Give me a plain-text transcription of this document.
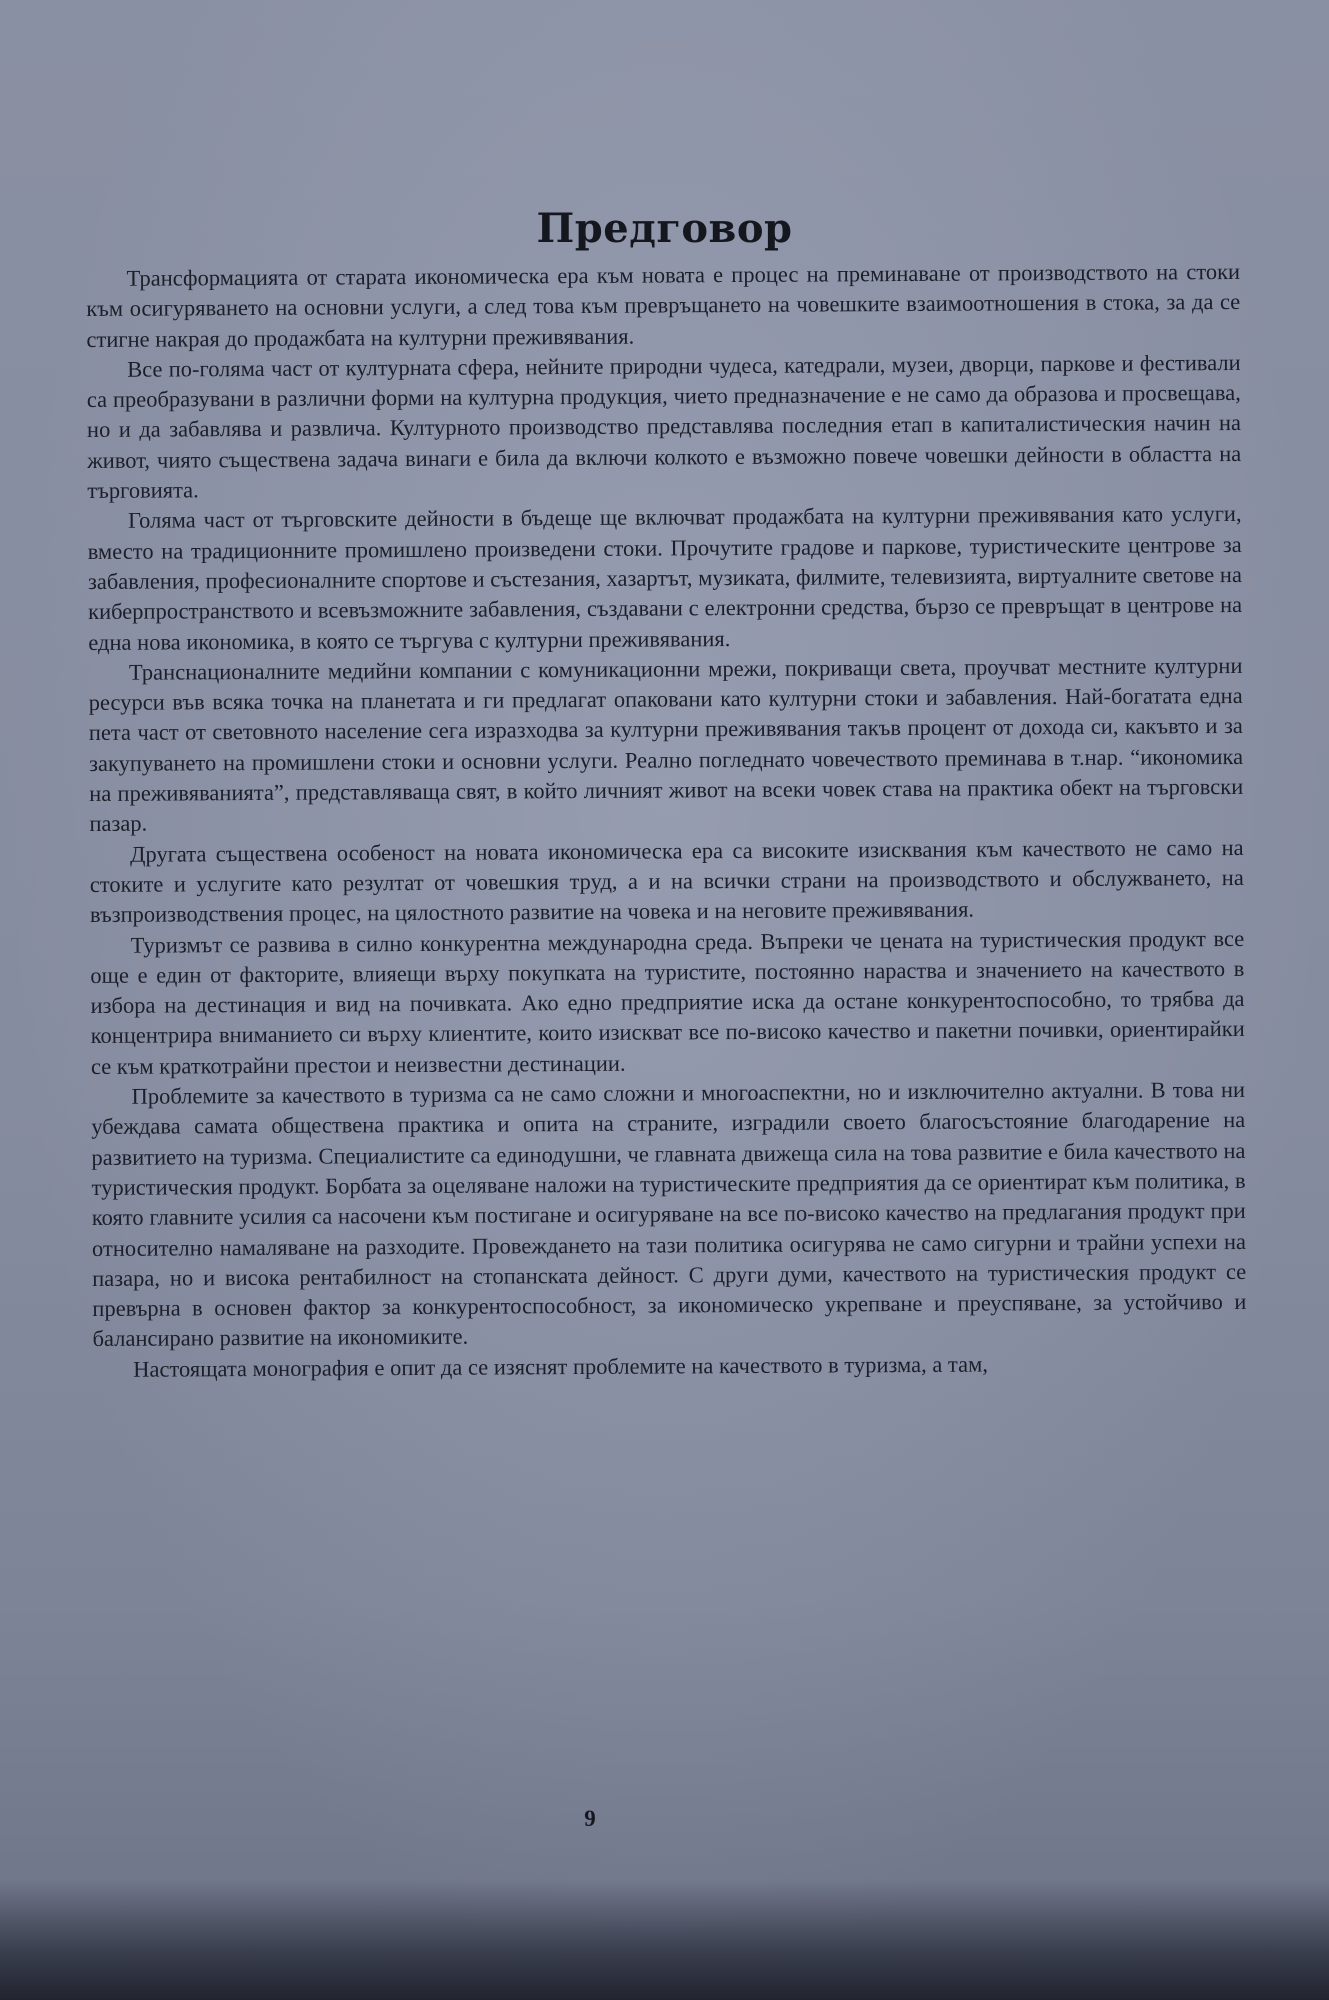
Предговор

Трансформацията от старата икономическа ера към новата е процес на преминаване от производството на стоки към осигуряването на основни услуги, а след това към превръщането на човешките взаимоотношения в стока, за да се стигне накрая до продажбата на културни преживявания.

Все по-голяма част от културната сфера, нейните природни чудеса, катедрали, музеи, дворци, паркове и фестивали са преобразувани в различни форми на културна продукция, чието предназначение е не само да образова и просвещава, но и да забавлява и развлича. Културното производство представлява последния етап в капиталистическия начин на живот, чиято съществена задача винаги е била да включи колкото е възможно повече човешки дейности в областта на търговията.

Голяма част от търговските дейности в бъдеще ще включват продажбата на културни преживявания като услуги, вместо на традиционните промишлено произведени стоки. Прочутите градове и паркове, туристическите центрове за забавления, професионалните спортове и състезания, хазартът, музиката, филмите, телевизията, виртуалните светове на киберпространството и всевъзможните забавления, създавани с електронни средства, бързо се превръщат в центрове на една нова икономика, в която се търгува с културни преживявания.

Транснационалните медийни компании с комуникационни мрежи, покриващи света, проучват местните културни ресурси във всяка точка на планетата и ги предлагат опаковани като културни стоки и забавления. Най-богатата една пета част от световното население сега изразходва за културни преживявания такъв процент от дохода си, какъвто и за закупуването на промишлени стоки и основни услуги. Реално погледнато човечеството преминава в т.нар. “икономика на преживяванията”, представляваща свят, в който личният живот на всеки човек става на практика обект на търговски пазар.

Другата съществена особеност на новата икономическа ера са високите изисквания към качеството не само на стоките и услугите като резултат от човешкия труд, а и на всички страни на производството и обслужването, на възпроизводствения процес, на цялостното развитие на човека и на неговите преживявания.

Туризмът се развива в силно конкурентна международна среда. Въпреки че цената на туристическия продукт все още е един от факторите, влияещи върху покупката на туристите, постоянно нараства и значението на качеството в избора на дестинация и вид на почивката. Ако едно предприятие иска да остане конкурентоспособно, то трябва да концентрира вниманието си върху клиентите, които изискват все по-високо качество и пакетни почивки, ориентирайки се към краткотрайни престои и неизвестни дестинации.

Проблемите за качеството в туризма са не само сложни и многоаспектни, но и изключително актуални. В това ни убеждава самата обществена практика и опита на страните, изградили своето благосъстояние благодарение на развитието на туризма. Специалистите са единодушни, че главната движеща сила на това развитие е била качеството на туристическия продукт. Борбата за оцеляване наложи на туристическите предприятия да се ориентират към политика, в която главните усилия са насочени към постигане и осигуряване на все по-високо качество на предлагания продукт при относително намаляване на разходите. Провеждането на тази политика осигурява не само сигурни и трайни успехи на пазара, но и висока рентабилност на стопанската дейност. С други думи, качеството на туристическия продукт се превърна в основен фактор за конкурентоспособност, за икономическо укрепване и преуспяване, за устойчиво и балансирано развитие на икономиките.

Настоящата монография е опит да се изяснят проблемите на качеството в туризма, а там,

9
